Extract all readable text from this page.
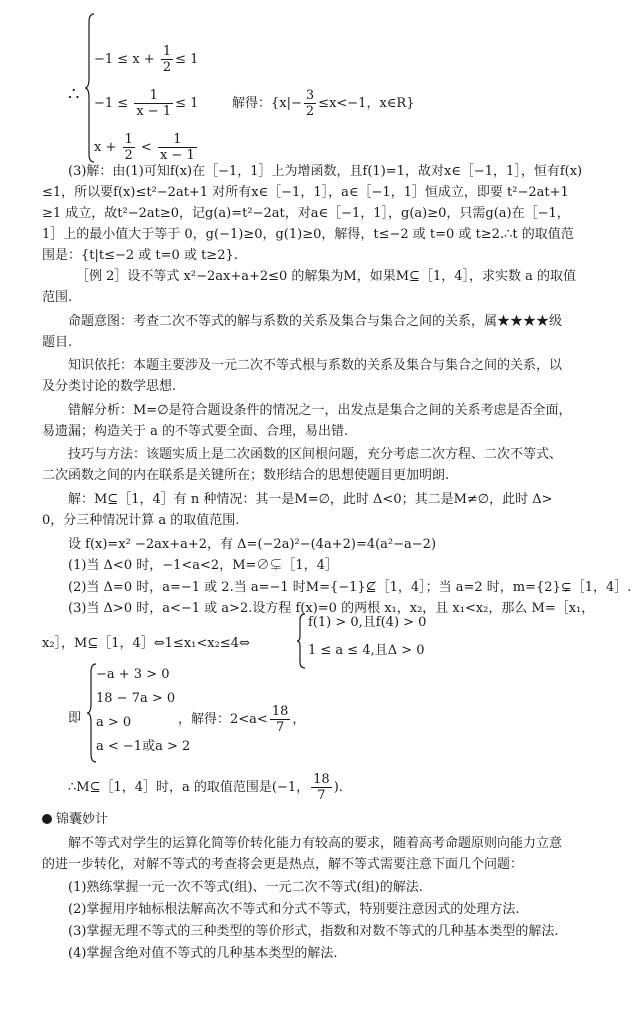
∴
$-1 \le x + \frac{1}{2} \le 1$
$-1 \le \frac{1}{x - 1} \le 1$
$x + \frac{1}{2} < \frac{1}{x - 1}$
解得：{$x|- \frac{3}{2} \le x<-1$，x∈R}
(3)解：由(1)可知f(x)在［−1，1］上为增函数，且f(1)=1，故对x∈［−1，1］，恒有f(x)
≤1，所以要f(x)≤t²−2at+1 对所有x∈［−1，1］，a∈［−1，1］恒成立，即要 t²−2at+1
≥1 成立，故t²−2at≥0，记g(a)=t²−2at，对a∈［−1，1］，g(a)≥0，只需g(a)在［−1，
1］上的最小值大于等于 0，g(−1)≥0，g(1)≥0，解得，t≤−2 或 t=0 或 t≥2.∴t 的取值范
围是：{t|t≤−2 或 t=0 或 t≥2}.
［例 2］设不等式 x²−2ax+a+2≤0 的解集为M，如果M⊆［1，4］，求实数 a 的取值
范围.
命题意图：考查二次不等式的解与系数的关系及集合与集合之间的关系，属★★★★级
题目.
知识依托：本题主要涉及一元二次不等式根与系数的关系及集合与集合之间的关系，以
及分类讨论的数学思想.
错解分析：M=∅是符合题设条件的情况之一，出发点是集合之间的关系考虑是否全面，
易遗漏；构造关于 a 的不等式要全面、合理，易出错.
技巧与方法：该题实质上是二次函数的区间根问题，充分考虑二次方程、二次不等式、
二次函数之间的内在联系是关键所在；数形结合的思想使题目更加明朗.
解：M⊆［1，4］有 n 种情况：其一是M=∅，此时 Δ<0；其二是M≠∅，此时 Δ>
0，分三种情况计算 a 的取值范围.
设 f(x)=x² −2ax+a+2，有 Δ=(−2a)²−(4a+2)=4(a²−a−2)
(1)当 Δ<0 时，−1<a<2，M=∅⊊［1，4］
(2)当 Δ=0 时，a=−1 或 2.当 a=−1 时M={−1}⊈［1，4］；当 a=2 时，m={2}⊊［1，4］.
(3)当 Δ>0 时，a<−1 或 a>2.设方程 f(x)=0 的两根 x₁，x₂，且 x₁<x₂，那么 M=［x₁，
x₂］，M⊆［1，4］⇔1≤x₁<x₂≤4⇔
f(1) > 0,且f(4) > 0
1 ≤ a ≤ 4,且Δ > 0
即
−a + 3 > 0
18 − 7a > 0
a > 0
a < −1或a > 2
，解得：$2<a< \frac{18}{7}$ ，
∴M⊆［1，4］时，a 的取值范围是(−1， $\frac{18}{7}$ ).
锦囊妙计
解不等式对学生的运算化简等价转化能力有较高的要求，随着高考命题原则向能力立意
的进一步转化，对解不等式的考查将会更是热点，解不等式需要注意下面几个问题：
(1)熟练掌握一元一次不等式(组)、一元二次不等式(组)的解法.
(2)掌握用序轴标根法解高次不等式和分式不等式，特别要注意因式的处理方法.
(3)掌握无理不等式的三种类型的等价形式，指数和对数不等式的几种基本类型的解法.
(4)掌握含绝对值不等式的几种基本类型的解法.
